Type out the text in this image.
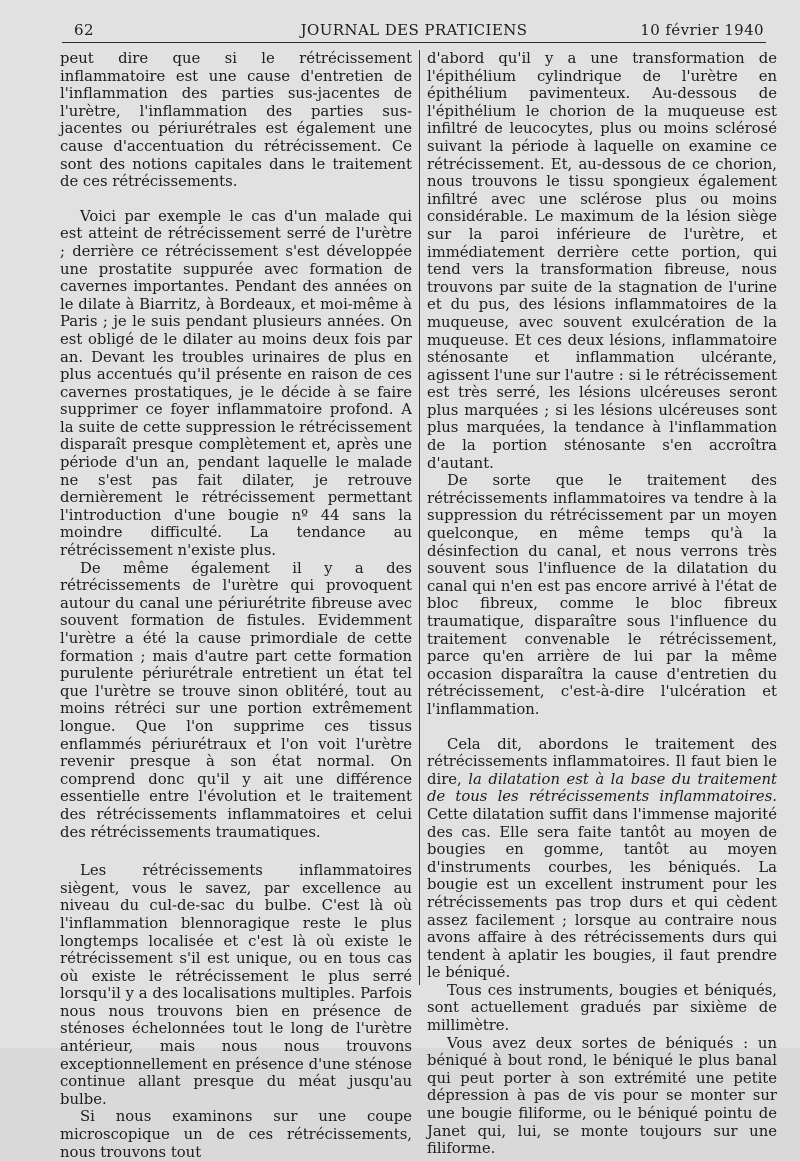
62	JOURNAL DES PRATICIENS	10 février 1940

peut dire que si le rétrécissement inflammatoire est une cause d'entretien de l'inflammation des parties sus-jacentes de l'urètre, l'inflammation des parties sus-jacentes ou périurétrales est également une cause d'accentuation du rétrécissement. Ce sont des notions capitales dans le traitement de ces rétrécissements.

Voici par exemple le cas d'un malade qui est atteint de rétrécissement serré de l'urètre ; derrière ce rétrécissement s'est développée une prostatite suppurée avec formation de cavernes importantes. Pendant des années on le dilate à Biarritz, à Bordeaux, et moi-même à Paris ; je le suis pendant plusieurs années. On est obligé de le dilater au moins deux fois par an. Devant les troubles urinaires de plus en plus accentués qu'il présente en raison de ces cavernes prostatiques, je le décide à se faire supprimer ce foyer inflammatoire profond. A la suite de cette suppression le rétrécissement disparaît presque complètement et, après une période d'un an, pendant laquelle le malade ne s'est pas fait dilater, je retrouve dernièrement le rétrécissement permettant l'introduction d'une bougie nº 44 sans la moindre difficulté. La tendance au rétrécissement n'existe plus.

De même également il y a des rétrécissements de l'urètre qui provoquent autour du canal une périurétrite fibreuse avec souvent formation de fistules. Evidemment l'urètre a été la cause primordiale de cette formation ; mais d'autre part cette formation purulente périurétrale entretient un état tel que l'urètre se trouve sinon oblitéré, tout au moins rétréci sur une portion extrêmement longue. Que l'on supprime ces tissus enflammés périurétraux et l'on voit l'urètre revenir presque à son état normal. On comprend donc qu'il y ait une différence essentielle entre l'évolution et le traitement des rétrécissements inflammatoires et celui des rétrécissements traumatiques.

Les rétrécissements inflammatoires siègent, vous le savez, par excellence au niveau du cul-de-sac du bulbe. C'est là où l'inflammation blennoragique reste le plus longtemps localisée et c'est là où existe le rétrécissement s'il est unique, ou en tous cas où existe le rétrécissement le plus serré lorsqu'il y a des localisations multiples. Parfois nous nous trouvons bien en présence de sténoses échelonnées tout le long de l'urètre antérieur, mais nous nous trouvons exceptionnellement en présence d'une sténose continue allant presque du méat jusqu'au bulbe.

Si nous examinons sur une coupe microscopique un de ces rétrécissements, nous trouvons tout

d'abord qu'il y a une transformation de l'épithélium cylindrique de l'urètre en épithélium pavimenteux. Au-dessous de l'épithélium le chorion de la muqueuse est infiltré de leucocytes, plus ou moins sclérosé suivant la période à laquelle on examine ce rétrécissement. Et, au-dessous de ce chorion, nous trouvons le tissu spongieux également infiltré avec une sclérose plus ou moins considérable. Le maximum de la lésion siège sur la paroi inférieure de l'urètre, et immédiatement derrière cette portion, qui tend vers la transformation fibreuse, nous trouvons par suite de la stagnation de l'urine et du pus, des lésions inflammatoires de la muqueuse, avec souvent exulcération de la muqueuse. Et ces deux lésions, inflammatoire sténosante et inflammation ulcérante, agissent l'une sur l'autre : si le rétrécissement est très serré, les lésions ulcéreuses seront plus marquées ; si les lésions ulcéreuses sont plus marquées, la tendance à l'inflammation de la portion sténosante s'en accroîtra d'autant.

De sorte que le traitement des rétrécissements inflammatoires va tendre à la suppression du rétrécissement par un moyen quelconque, en même temps qu'à la désinfection du canal, et nous verrons très souvent sous l'influence de la dilatation du canal qui n'en est pas encore arrivé à l'état de bloc fibreux, comme le bloc fibreux traumatique, disparaître sous l'influence du traitement convenable le rétrécissement, parce qu'en arrière de lui par la même occasion disparaîtra la cause d'entretien du rétrécissement, c'est-à-dire l'ulcération et l'inflammation.

Cela dit, abordons le traitement des rétrécissements inflammatoires. Il faut bien le dire, la dilatation est à la base du traitement de tous les rétrécissements inflammatoires. Cette dilatation suffit dans l'immense majorité des cas. Elle sera faite tantôt au moyen de bougies en gomme, tantôt au moyen d'instruments courbes, les béniqués. La bougie est un excellent instrument pour les rétrécissements pas trop durs et qui cèdent assez facilement ; lorsque au contraire nous avons affaire à des rétrécissements durs qui tendent à aplatir les bougies, il faut prendre le béniqué.

Tous ces instruments, bougies et béniqués, sont actuellement gradués par sixième de millimètre.

Vous avez deux sortes de béniqués : un béniqué à bout rond, le béniqué le plus banal qui peut porter à son extrémité une petite dépression à pas de vis pour se monter sur une bougie filiforme, ou le béniqué pointu de Janet qui, lui, se monte toujours sur une filiforme.
